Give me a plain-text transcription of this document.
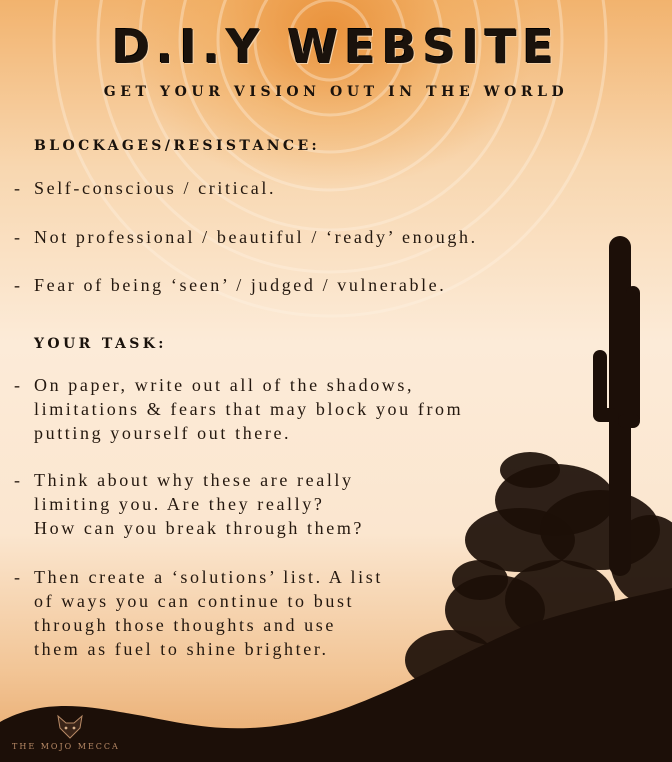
D.I.Y WEBSITE
GET YOUR VISION OUT IN THE WORLD
BLOCKAGES/RESISTANCE:
- Self-conscious / critical.
- Not professional / beautiful / ‘ready’ enough.
- Fear of being ‘seen’ / judged / vulnerable.
YOUR TASK:
- On paper, write out all of the shadows,
limitations & fears that may block you from
putting yourself out there.
- Think about why these are really
limiting you. Are they really?
How can you break through them?
- Then create a ‘solutions’ list. A list
of ways you can continue to bust
through those thoughts and use
them as fuel to shine brighter.
THE MOJO MECCA
